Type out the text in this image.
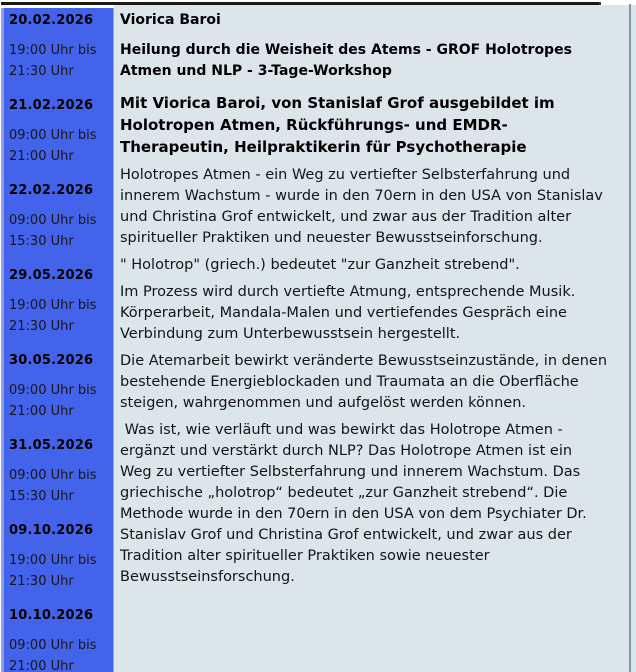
20.02.2026
19:00 Uhr bis
21:30 Uhr
21.02.2026
09:00 Uhr bis
21:00 Uhr
22.02.2026
09:00 Uhr bis
15:30 Uhr
29.05.2026
19:00 Uhr bis
21:30 Uhr
30.05.2026
09:00 Uhr bis
21:00 Uhr
31.05.2026
09:00 Uhr bis
15:30 Uhr
09.10.2026
19:00 Uhr bis
21:30 Uhr
10.10.2026
09:00 Uhr bis
21:00 Uhr
Viorica Baroi
Heilung durch die Weisheit des Atems - GROF Holotropes Atmen und NLP - 3-Tage-Workshop
Mit Viorica Baroi, von Stanislaf Grof ausgebildet im Holotropen Atmen, Rückführungs- und EMDR-Therapeutin, Heilpraktikerin für Psychotherapie

Holotropes Atmen - ein Weg zu vertiefter Selbsterfahrung und innerem Wachstum - wurde in den 70ern in den USA von Stanislav und Christina Grof entwickelt, und zwar aus der Tradition alter spiritueller Praktiken und neuester Bewusstseinforschung.

" Holotrop" (griech.) bedeutet "zur Ganzheit strebend".

Im Prozess wird durch vertiefte Atmung, entsprechende Musik. Körperarbeit, Mandala-Malen und vertiefendes Gespräch eine Verbindung zum Unterbewusstsein hergestellt.

Die Atemarbeit bewirkt veränderte Bewusstseinzustände, in denen bestehende Energieblockaden und Traumata an die Oberfläche steigen, wahrgenommen und aufgelöst werden können.

Was ist, wie verläuft und was bewirkt das Holotrope Atmen - ergänzt und verstärkt durch NLP? Das Holotrope Atmen ist ein Weg zu vertiefter Selbsterfahrung und innerem Wachstum. Das griechische „holotrop“ bedeutet „zur Ganzheit strebend“. Die Methode wurde in den 70ern in den USA von dem Psychiater Dr. Stanislav Grof und Christina Grof entwickelt, und zwar aus der Tradition alter spiritueller Praktiken sowie neuester Bewusstseinsforschung.
